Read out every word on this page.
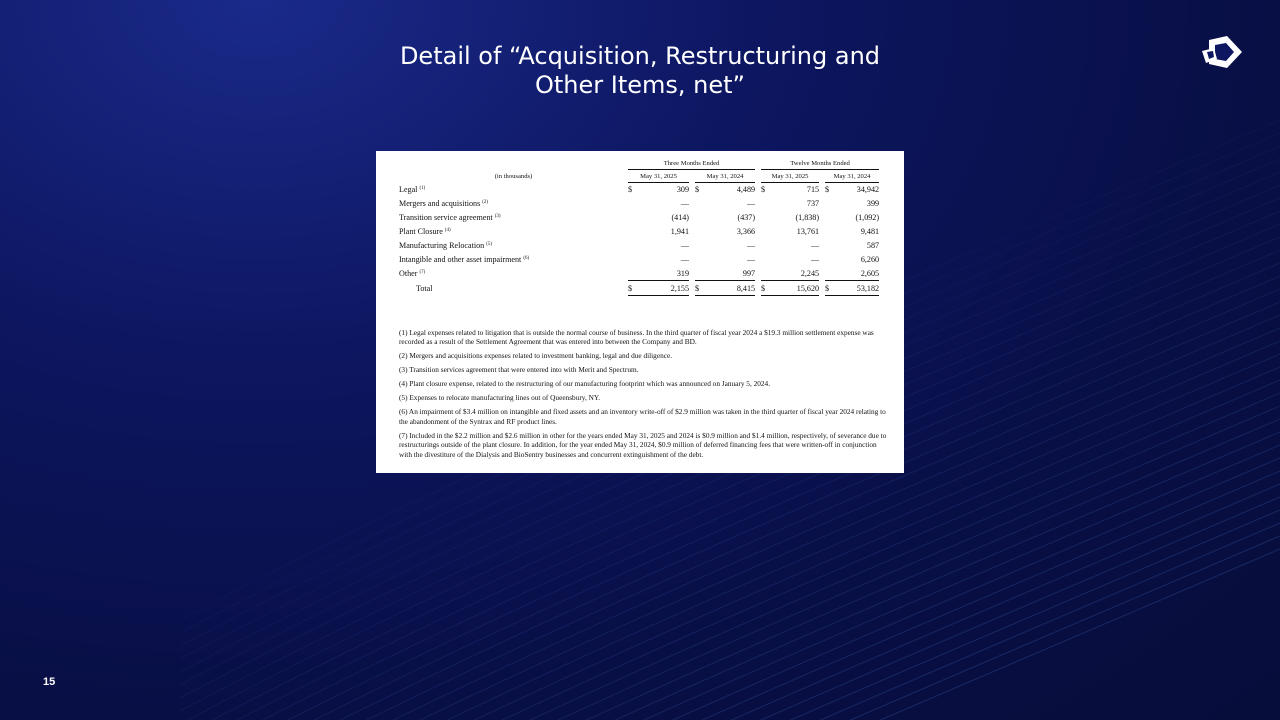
Detail of “Acquisition, Restructuring and
Other Items, net”
	Three Months Ended						Twelve Months Ended				
(in thousands)	May 31, 2025			May 31, 2024			May 31, 2025			May 31, 2024	
Legal $^{(1)}$	$	309		$	4,489		$	715		$	34,942
Mergers and acquisitions $^{(2)}$		—			—			737			399
Transition service agreement $^{(3)}$		(414)			(437)			(1,838)			(1,092)
Plant Closure $^{(4)}$		1,941			3,366			13,761			9,481
Manufacturing Relocation $^{(5)}$		—			—			—			587
Intangible and other asset impairment $^{(6)}$		—			—			—			6,260
Other $^{(7)}$		319			997			2,245			2,605
Total	$	2,155		$	8,415		$	15,620		$	53,182

(1) Legal expenses related to litigation that is outside the normal course of business. In the third quarter of fiscal year 2024 a $19.3 million settlement expense was recorded as a result of the Settlement Agreement that was entered into between the Company and BD.

(2) Mergers and acquisitions expenses related to investment banking, legal and due diligence.

(3) Transition services agreement that were entered into with Merit and Spectrum.

(4) Plant closure expense, related to the restructuring of our manufacturing footprint which was announced on January 5, 2024.

(5) Expenses to relocate manufacturing lines out of Queensbury, NY.

(6) An impairment of $3.4 million on intangible and fixed assets and an inventory write-off of $2.9 million was taken in the third quarter of fiscal year 2024 relating to the abandonment of the Syntrax and RF product lines.

(7) Included in the $2.2 million and $2.6 million in other for the years ended May 31, 2025 and 2024 is $0.9 million and $1.4 million, respectively, of severance due to restructurings outside of the plant closure. In addition, for the year ended May 31, 2024, $0.9 million of deferred financing fees that were written-off in conjunction with the divestiture of the Dialysis and BioSentry businesses and concurrent extinguishment of the debt.

15
